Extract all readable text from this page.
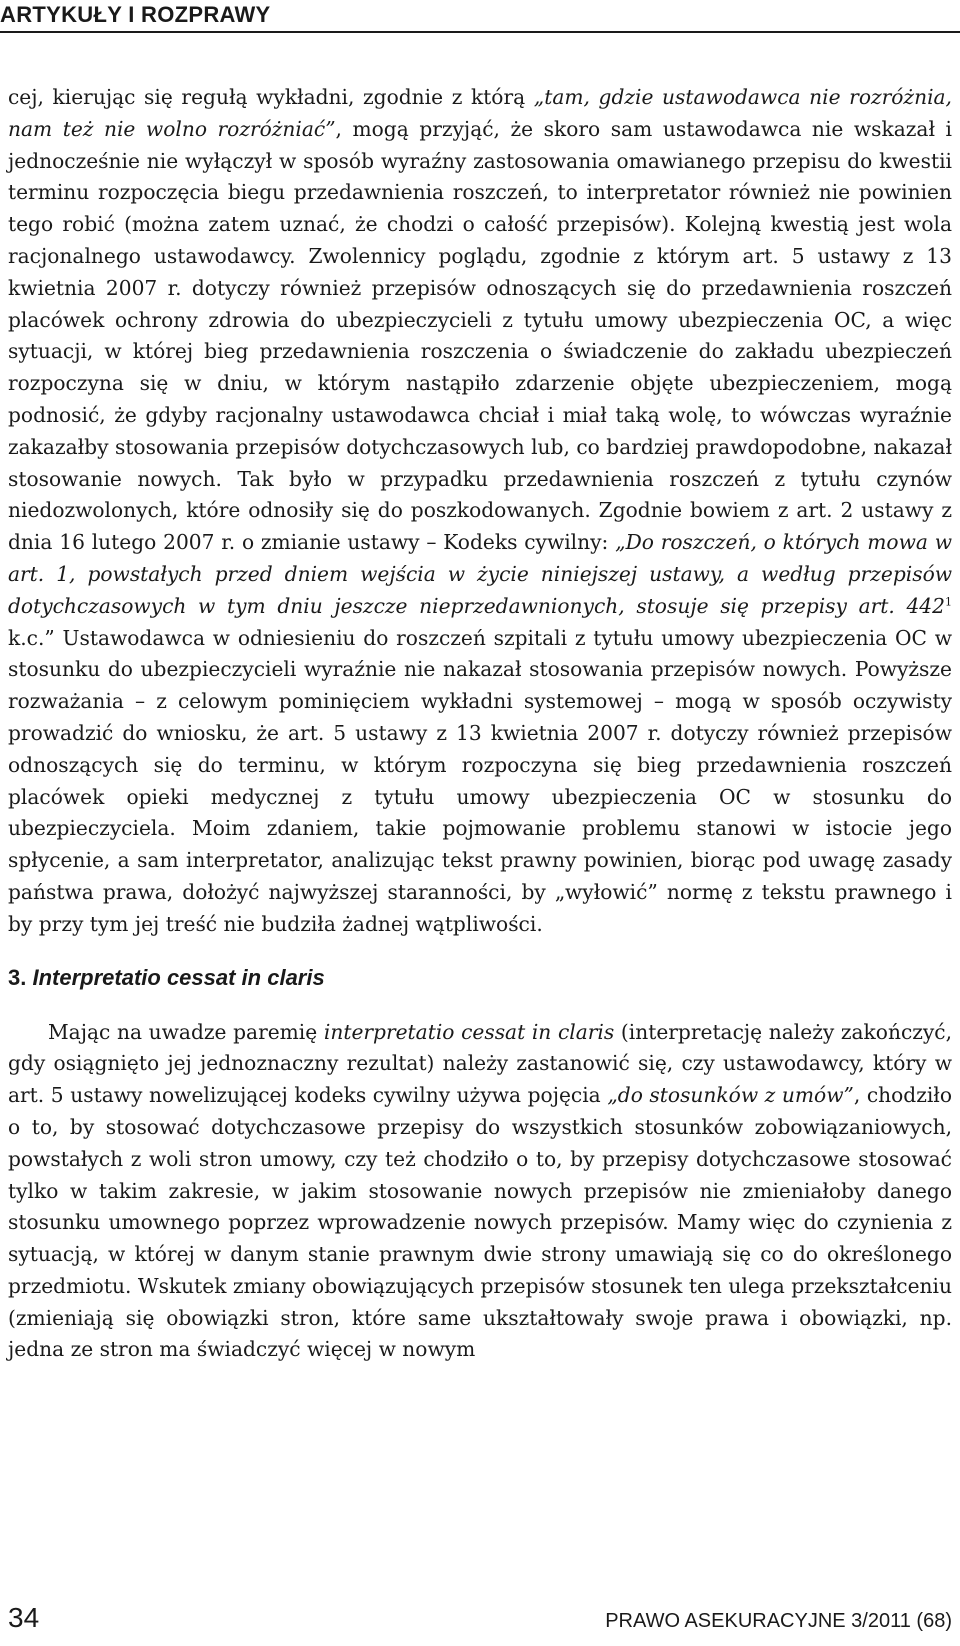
ARTYKUŁY I ROZPRAWY

cej, kierując się regułą wykładni, zgodnie z którą „tam, gdzie ustawodawca nie rozróżnia, nam też nie wolno rozróżniać”, mogą przyjąć, że skoro sam ustawodawca nie wskazał i jednocześnie nie wyłączył w sposób wyraźny zastosowania omawianego przepisu do kwestii terminu rozpoczęcia biegu przedawnienia roszczeń, to interpretator również nie powinien tego robić (można zatem uznać, że chodzi o całość przepisów). Kolejną kwestią jest wola racjonalnego ustawodawcy. Zwolennicy poglądu, zgodnie z którym art. 5 ustawy z 13 kwietnia 2007 r. dotyczy również przepisów odnoszących się do przedawnienia roszczeń placówek ochrony zdrowia do ubezpieczycieli z tytułu umowy ubezpieczenia OC, a więc sytuacji, w której bieg przedawnienia roszczenia o świadczenie do zakładu ubezpieczeń rozpoczyna się w dniu, w którym nastąpiło zdarzenie objęte ubezpieczeniem, mogą podnosić, że gdyby racjonalny ustawodawca chciał i miał taką wolę, to wówczas wyraźnie zakazałby stosowania przepisów dotychczasowych lub, co bardziej prawdopodobne, nakazał stosowanie nowych. Tak było w przypadku przedawnienia roszczeń z tytułu czynów niedozwolonych, które odnosiły się do poszkodowanych. Zgodnie bowiem z art. 2 ustawy z dnia 16 lutego 2007 r. o zmianie ustawy – Kodeks cywilny: „Do roszczeń, o których mowa w art. 1, powstałych przed dniem wejścia w życie niniejszej ustawy, a według przepisów dotychczasowych w tym dniu jeszcze nieprzedawnionych, stosuje się przepisy art. $442^1$ k.c.” Ustawodawca w odniesieniu do roszczeń szpitali z tytułu umowy ubezpieczenia OC w stosunku do ubezpieczycieli wyraźnie nie nakazał stosowania przepisów nowych. Powyższe rozważania – z celowym pominięciem wykładni systemowej – mogą w sposób oczywisty prowadzić do wniosku, że art. 5 ustawy z 13 kwietnia 2007 r. dotyczy również przepisów odnoszących się do terminu, w którym rozpoczyna się bieg przedawnienia roszczeń placówek opieki medycznej z tytułu umowy ubezpieczenia OC w stosunku do ubezpieczyciela. Moim zdaniem, takie pojmowanie problemu stanowi w istocie jego spłycenie, a sam interpretator, analizując tekst prawny powinien, biorąc pod uwagę zasady państwa prawa, dołożyć najwyższej staranności, by „wyłowić” normę z tekstu prawnego i by przy tym jej treść nie budziła żadnej wątpliwości.

3. Interpretatio cessat in claris

Mając na uwadze paremię interpretatio cessat in claris (interpretację należy zakończyć, gdy osiągnięto jej jednoznaczny rezultat) należy zastanowić się, czy ustawodawcy, który w art. 5 ustawy nowelizującej kodeks cywilny używa pojęcia „do stosunków z umów”, chodziło o to, by stosować dotychczasowe przepisy do wszystkich stosunków zobowiązaniowych, powstałych z woli stron umowy, czy też chodziło o to, by przepisy dotychczasowe stosować tylko w takim zakresie, w jakim stosowanie nowych przepisów nie zmieniałoby danego stosunku umownego poprzez wprowadzenie nowych przepisów. Mamy więc do czynienia z sytuacją, w której w danym stanie prawnym dwie strony umawiają się co do określonego przedmiotu. Wskutek zmiany obowiązujących przepisów stosunek ten ulega przekształceniu (zmieniają się obowiązki stron, które same ukształtowały swoje prawa i obowiązki, np. jedna ze stron ma świadczyć więcej w nowym

34	PRAWO ASEKURACYJNE 3/2011 (68)
